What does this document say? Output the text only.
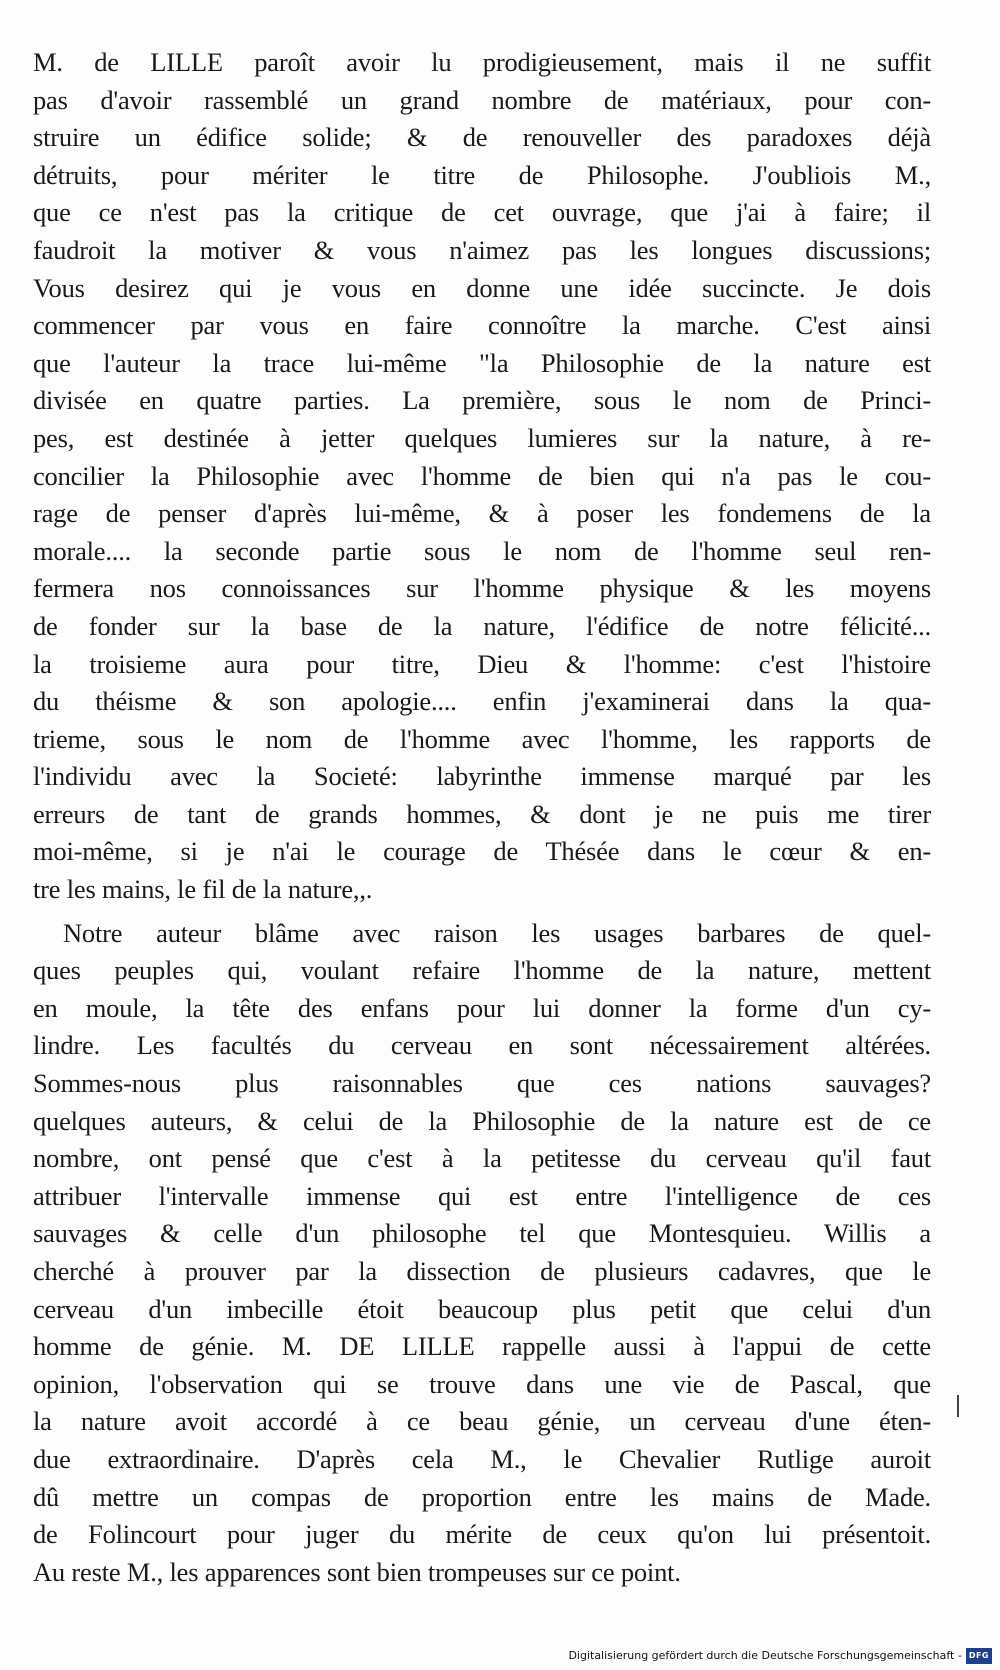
M. de LILLE paroît avoir lu prodigieusement, mais il ne suffit
pas d'avoir rassemblé un grand nombre de matériaux, pour con-
struire un édifice solide; & de renouveller des paradoxes déjà
détruits, pour mériter le titre de Philosophe. J'oubliois M.,
que ce n'est pas la critique de cet ouvrage, que j'ai à faire; il
faudroit la motiver & vous n'aimez pas les longues discussions;
Vous desirez qui je vous en donne une idée succincte. Je dois
commencer par vous en faire connoître la marche. C'est ainsi
que l'auteur la trace lui-même "la Philosophie de la nature est
divisée en quatre parties. La première, sous le nom de Princi-
pes, est destinée à jetter quelques lumieres sur la nature, à re-
concilier la Philosophie avec l'homme de bien qui n'a pas le cou-
rage de penser d'après lui-même, & à poser les fondemens de la
morale.... la seconde partie sous le nom de l'homme seul ren-
fermera nos connoissances sur l'homme physique & les moyens
de fonder sur la base de la nature, l'édifice de notre félicité...
la troisieme aura pour titre, Dieu & l'homme: c'est l'histoire
du théisme & son apologie.... enfin j'examinerai dans la qua-
trieme, sous le nom de l'homme avec l'homme, les rapports de
l'individu avec la Societé: labyrinthe immense marqué par les
erreurs de tant de grands hommes, & dont je ne puis me tirer
moi-même, si je n'ai le courage de Thésée dans le cœur & en-
tre les mains, le fil de la nature,,.
Notre auteur blâme avec raison les usages barbares de quel-
ques peuples qui, voulant refaire l'homme de la nature, mettent
en moule, la tête des enfans pour lui donner la forme d'un cy-
lindre. Les facultés du cerveau en sont nécessairement altérées.
Sommes-nous plus raisonnables que ces nations sauvages?
quelques auteurs, & celui de la Philosophie de la nature est de ce
nombre, ont pensé que c'est à la petitesse du cerveau qu'il faut
attribuer l'intervalle immense qui est entre l'intelligence de ces
sauvages & celle d'un philosophe tel que Montesquieu. Willis a
cherché à prouver par la dissection de plusieurs cadavres, que le
cerveau d'un imbecille étoit beaucoup plus petit que celui d'un
homme de génie. M. DE LILLE rappelle aussi à l'appui de cette
opinion, l'observation qui se trouve dans une vie de Pascal, que
la nature avoit accordé à ce beau génie, un cerveau d'une éten-
due extraordinaire. D'après cela M., le Chevalier Rutlige auroit
dû mettre un compas de proportion entre les mains de Made.
de Folincourt pour juger du mérite de ceux qu'on lui présentoit.
Au reste M., les apparences sont bien trompeuses sur ce point.
Digitalisierung gefördert durch die Deutsche Forschungsgemeinschaft - DFG
